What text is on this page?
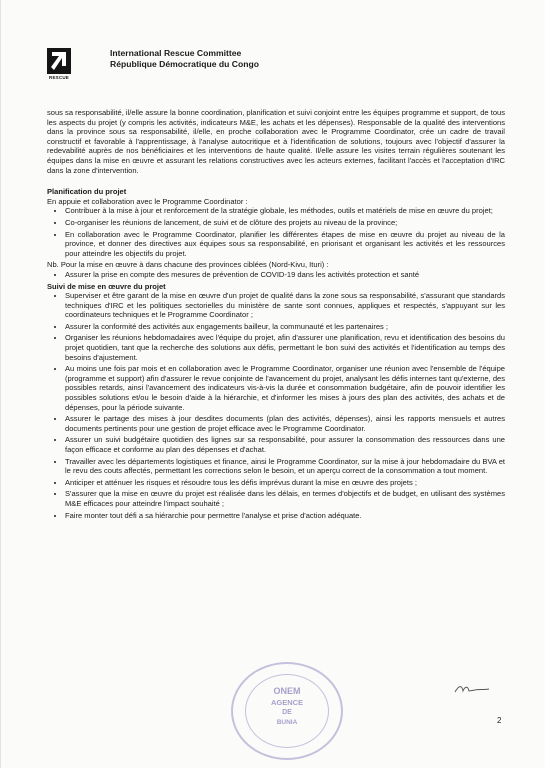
RESCUE
International Rescue Committee
République Démocratique du Congo

sous sa responsabilité, il/elle assure la bonne coordination, planification et suivi conjoint entre les équipes programme et support, de tous les aspects du projet (y compris les activités, indicateurs M&E, les achats et les dépenses). Responsable de la qualité des interventions dans la province sous sa responsabilité, il/elle, en proche collaboration avec le Programme Coordinator, crée un cadre de travail constructif et favorable à l'apprentissage, à l'analyse autocritique et à l'identification de solutions, toujours avec l'objectif d'assurer la redevabilité auprès de nos bénéficiaires et les interventions de haute qualité. Il/elle assure les visites terrain régulières soutenant les équipes dans la mise en œuvre et assurant les relations constructives avec les acteurs externes, facilitant l'accès et l'acceptation d'IRC dans la zone d'intervention.

Planification du projet

En appuie et collaboration avec le Programme Coordinator :

• Contribuer à la mise à jour et renforcement de la stratégie globale, les méthodes, outils et matériels de mise en œuvre du projet;
• Co-organiser les réunions de lancement, de suivi et de clôture des projets au niveau de la province;
• En collaboration avec le Programme Coordinator, planifier les différentes étapes de mise en œuvre du projet au niveau de la province, et donner des directives aux équipes sous sa responsabilité, en priorisant et organisant les activités et les ressources pour atteindre les objectifs du projet.

Nb. Pour la mise en œuvre à dans chacune des provinces ciblées (Nord-Kivu, Ituri) :

• Assurer la prise en compte des mesures de prévention de COVID-19 dans les activités protection et santé

Suivi de mise en œuvre du projet

• Superviser et être garant de la mise en œuvre d'un projet de qualité dans la zone sous sa responsabilité, s'assurant que standards techniques d'IRC et les politiques sectorielles du ministère de sante sont connues, appliques et respectés, s'appuyant sur les coordinateurs techniques et le Programme Coordinator ;
• Assurer la conformité des activités aux engagements bailleur, la communauté et les partenaires ;
• Organiser les réunions hebdomadaires avec l'équipe du projet, afin d'assurer une planification, revu et identification des besoins du projet quotidien, tant que la recherche des solutions aux défis, permettant le bon suivi des activités et l'identification au temps des besoins d'ajustement.
• Au moins une fois par mois et en collaboration avec le Programme Coordinator, organiser une réunion avec l'ensemble de l'équipe (programme et support) afin d'assurer le revue conjointe de l'avancement du projet, analysant les défis internes tant qu'externe, des possibles retards, ainsi l'avancement des indicateurs vis-à-vis la durée et consommation budgétaire, afin de pouvoir identifier les possibles solutions et/ou le besoin d'aide à la hiérarchie, et d'informer les mises à jours des plan des activités, des achats et de dépenses, pour la période suivante.
• Assurer le partage des mises à jour desdites documents (plan des activités, dépenses), ainsi les rapports mensuels et autres documents pertinents pour une gestion de projet efficace avec le Programme Coordinator.
• Assurer un suivi budgétaire quotidien des lignes sur sa responsabilité, pour assurer la consommation des ressources dans une façon efficace et conforme au plan des dépenses et d'achat.
• Travailler avec les départements logistiques et finance, ainsi le Programme Coordinator, sur la mise à jour hebdomadaire du BVA et le revu des couts affectés, permettant les corrections selon le besoin, et un aperçu correct de la consommation a tout moment.
• Anticiper et atténuer les risques et résoudre tous les défis imprévus durant la mise en œuvre des projets ;
• S'assurer que la mise en œuvre du projet est réalisée dans les délais, en termes d'objectifs et de budget, en utilisant des systèmes M&E efficaces pour atteindre l'impact souhaité ;
• Faire monter tout défi a sa hiérarchie pour permettre l'analyse et prise d'action adéquate.
ONEM
AGENCE
DE
BUNIA	2
